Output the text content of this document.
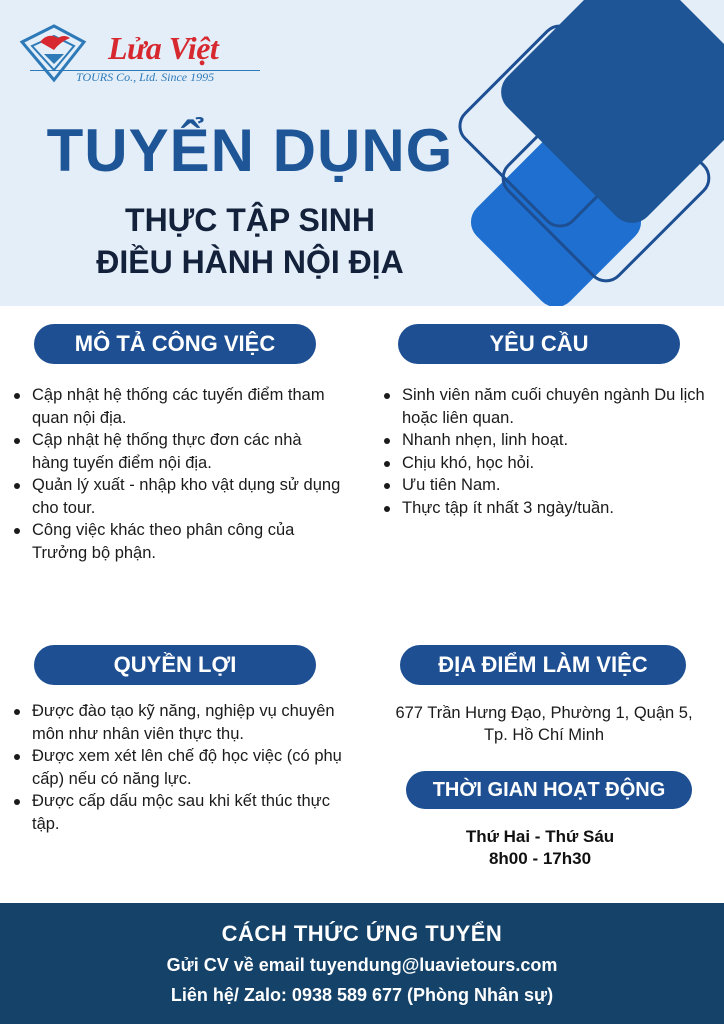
Lửa Việt
TOURS Co., Ltd. Since 1995
TUYỂN DỤNG
THỰC TẬP SINH
ĐIỀU HÀNH NỘI ĐỊA
MÔ TẢ CÔNG VIỆC
Cập nhật hệ thống các tuyến điểm tham quan nội địa.
Cập nhật hệ thống thực đơn các nhà hàng tuyến điểm nội địa.
Quản lý xuất - nhập kho vật dụng sử dụng cho tour.
Công việc khác theo phân công của Trưởng bộ phận.
YÊU CẦU
Sinh viên năm cuối chuyên ngành Du lịch hoặc liên quan.
Nhanh nhẹn, linh hoạt.
Chịu khó, học hỏi.
Ưu tiên Nam.
Thực tập ít nhất 3 ngày/tuần.
QUYỀN LỢI
Được đào tạo kỹ năng, nghiệp vụ chuyên môn như nhân viên thực thụ.
Được xem xét lên chế độ học việc (có phụ cấp) nếu có năng lực.
Được cấp dấu mộc sau khi kết thúc thực tập.
ĐỊA ĐIỂM LÀM VIỆC
677 Trần Hưng Đạo, Phường 1, Quận 5,
Tp. Hồ Chí Minh
THỜI GIAN HOẠT ĐỘNG
Thứ Hai - Thứ Sáu
8h00 - 17h30
CÁCH THỨC ỨNG TUYỂN
Gửi CV về email tuyendung@luavietours.com
Liên hệ/ Zalo: 0938 589 677 (Phòng Nhân sự)
